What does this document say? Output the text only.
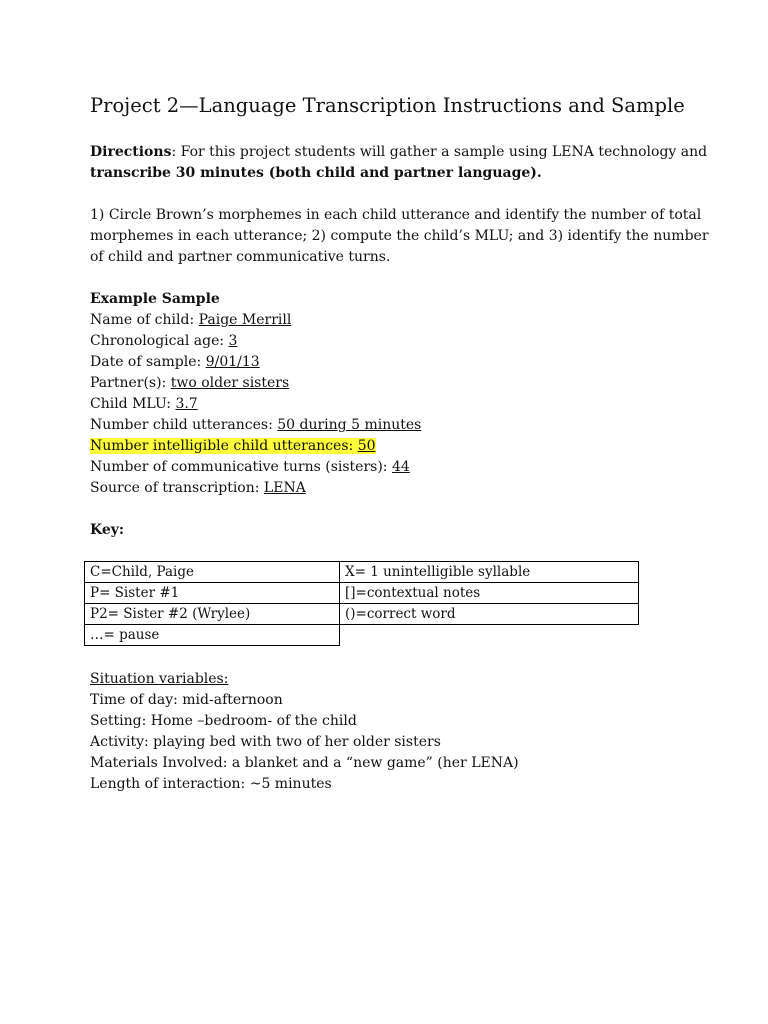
Project 2—Language Transcription Instructions and Sample

Directions: For this project students will gather a sample using LENA technology and

transcribe 30 minutes (both child and partner language).

1) Circle Brown’s morphemes in each child utterance and identify the number of total

morphemes in each utterance; 2) compute the child’s MLU; and 3) identify the number

of child and partner communicative turns.

Example Sample

Name of child: Paige Merrill

Chronological age: 3

Date of sample: 9/01/13

Partner(s): two older sisters

Child MLU: 3.7

Number child utterances: 50 during 5 minutes

Number intelligible child utterances: 50

Number of communicative turns (sisters): 44

Source of transcription: LENA

Key:

C=Child, Paige	X= 1 unintelligible syllable
P= Sister #1	[]=contextual notes
P2= Sister #2 (Wrylee)	()=correct word
…= pause	

Situation variables:

Time of day: mid-afternoon

Setting: Home –bedroom- of the child

Activity: playing bed with two of her older sisters

Materials Involved: a blanket and a “new game” (her LENA)

Length of interaction: ~5 minutes
